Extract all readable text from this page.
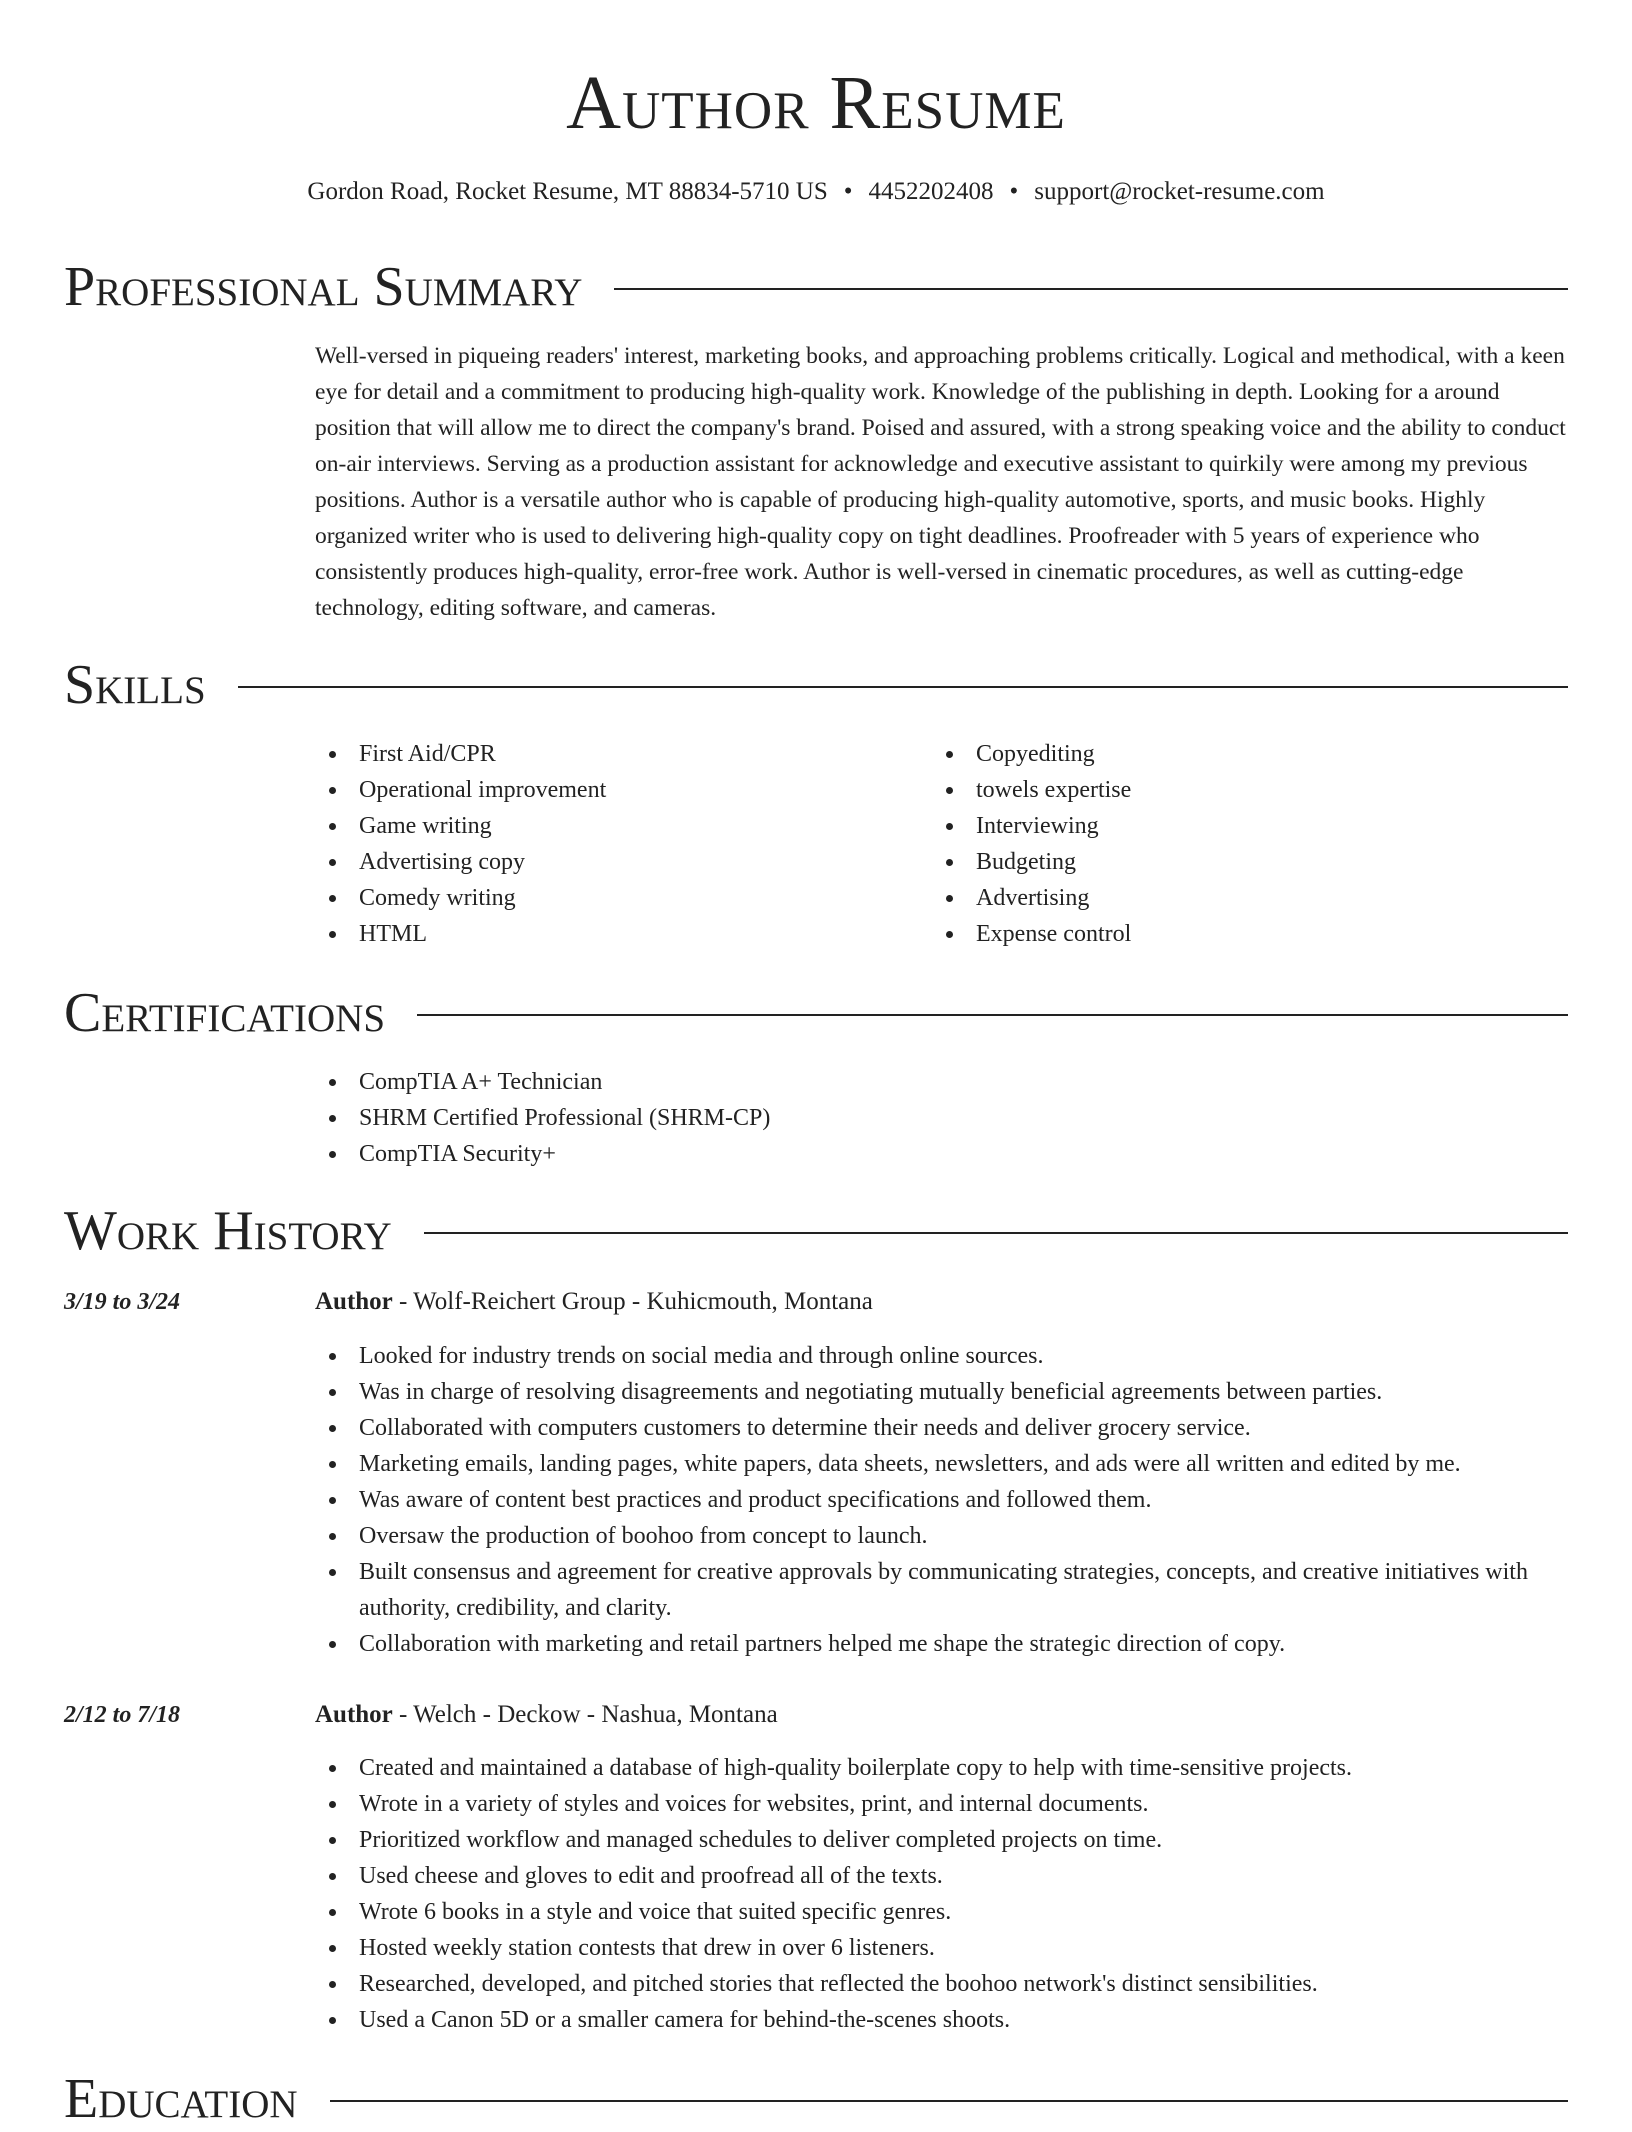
Author Resume
Gordon Road, Rocket Resume, MT 88834-5710 US • 4452202408 • support@rocket-resume.com
Professional Summary

Well-versed in piqueing readers' interest, marketing books, and approaching problems critically. Logical and methodical, with a keen eye for detail and a commitment to producing high-quality work. Knowledge of the publishing in depth. Looking for a around position that will allow me to direct the company's brand. Poised and assured, with a strong speaking voice and the ability to conduct on-air interviews. Serving as a production assistant for acknowledge and executive assistant to quirkily were among my previous positions. Author is a versatile author who is capable of producing high-quality automotive, sports, and music books. Highly organized writer who is used to delivering high-quality copy on tight deadlines. Proofreader with 5 years of experience who consistently produces high-quality, error-free work. Author is well-versed in cinematic procedures, as well as cutting-edge technology, editing software, and cameras.

Skills
First Aid/CPR
Operational improvement
Game writing
Advertising copy
Comedy writing
HTML
Copyediting
towels expertise
Interviewing
Budgeting
Advertising
Expense control
Certifications
CompTIA A+ Technician
SHRM Certified Professional (SHRM-CP)
CompTIA Security+
Work History
3/19 to 3/24	Author - Wolf-Reichert Group - Kuhicmouth, Montana
Looked for industry trends on social media and through online sources.
Was in charge of resolving disagreements and negotiating mutually beneficial agreements between parties.
Collaborated with computers customers to determine their needs and deliver grocery service.
Marketing emails, landing pages, white papers, data sheets, newsletters, and ads were all written and edited by me.
Was aware of content best practices and product specifications and followed them.
Oversaw the production of boohoo from concept to launch.
Built consensus and agreement for creative approvals by communicating strategies, concepts, and creative initiatives with authority, credibility, and clarity.
Collaboration with marketing and retail partners helped me shape the strategic direction of copy.
2/12 to 7/18	Author - Welch - Deckow - Nashua, Montana
Created and maintained a database of high-quality boilerplate copy to help with time-sensitive projects.
Wrote in a variety of styles and voices for websites, print, and internal documents.
Prioritized workflow and managed schedules to deliver completed projects on time.
Used cheese and gloves to edit and proofread all of the texts.
Wrote 6 books in a style and voice that suited specific genres.
Hosted weekly station contests that drew in over 6 listeners.
Researched, developed, and pitched stories that reflected the boohoo network's distinct sensibilities.
Used a Canon 5D or a smaller camera for behind-the-scenes shoots.
Education
